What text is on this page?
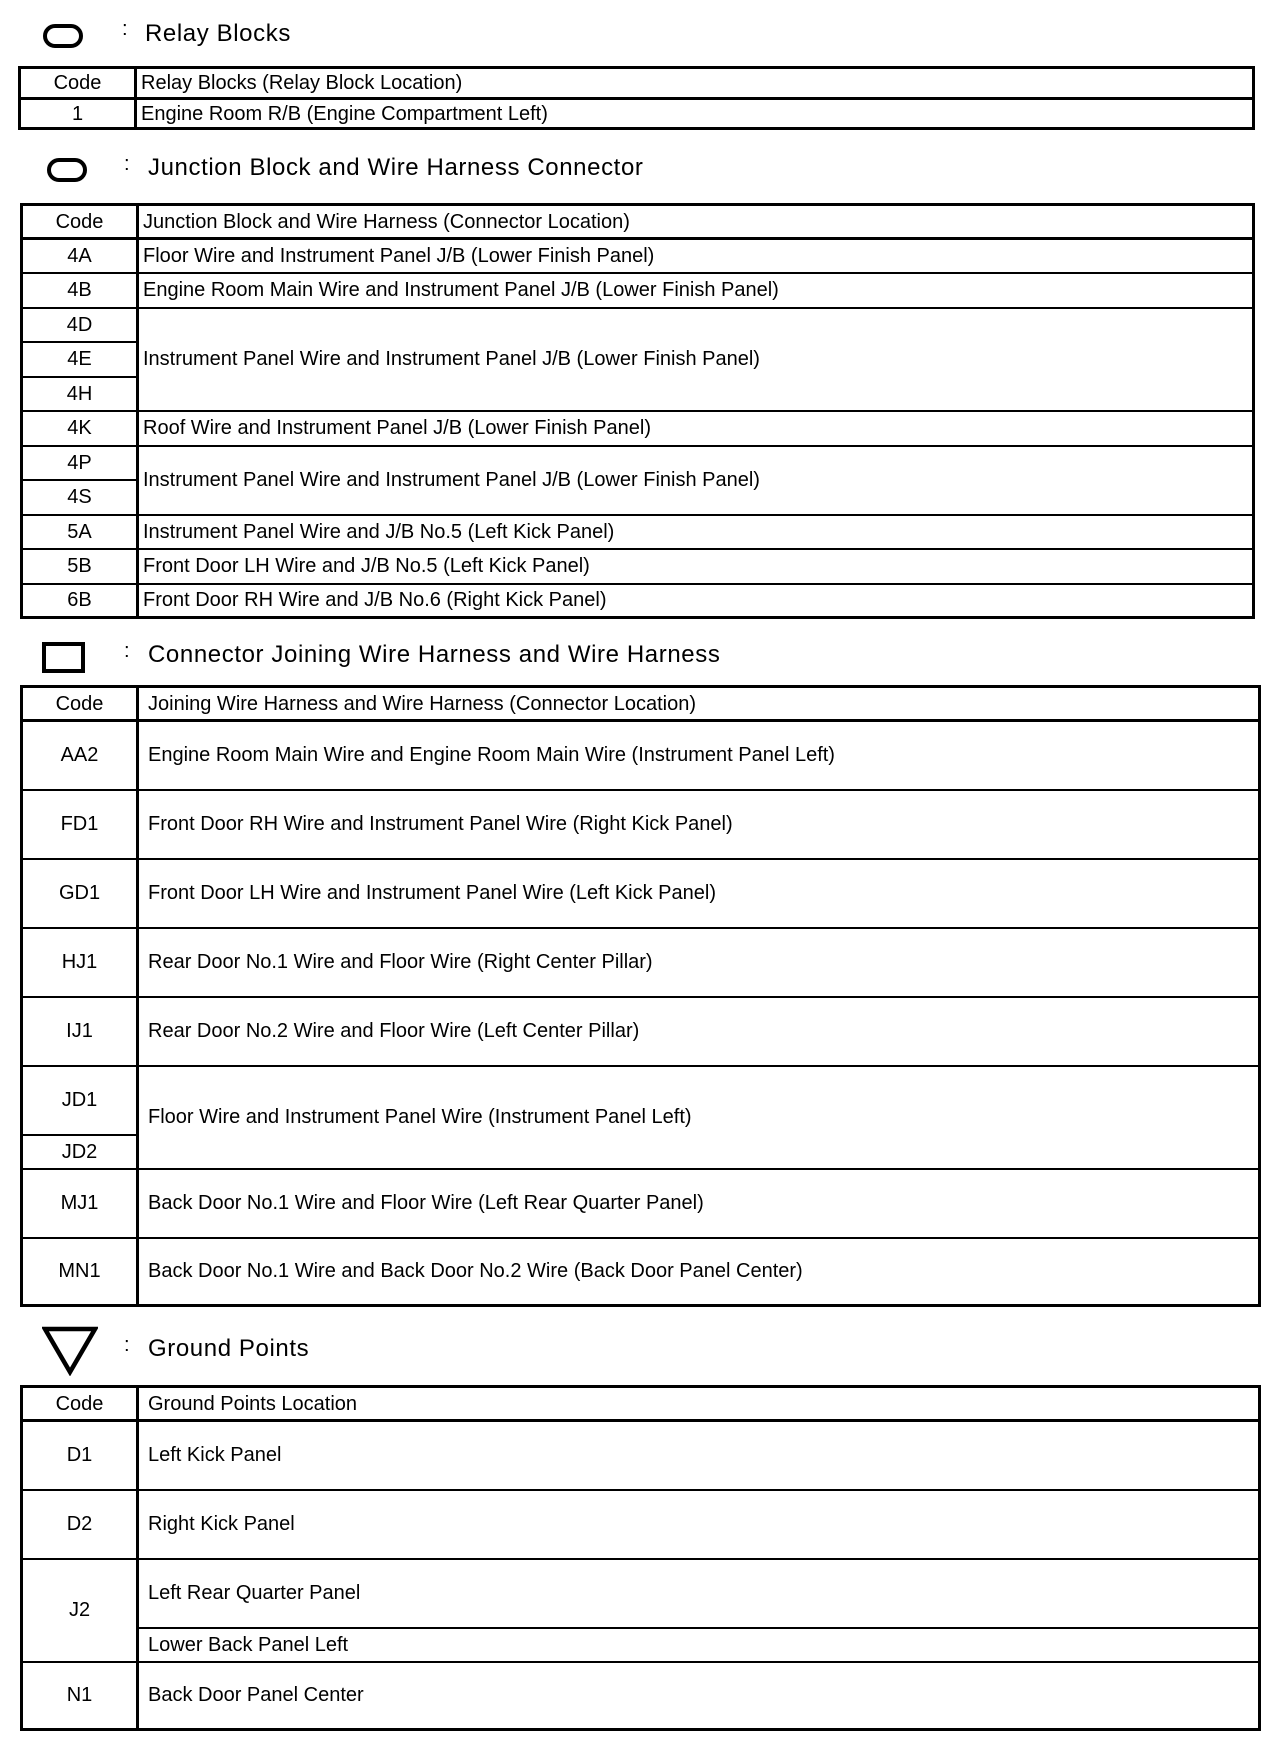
: Relay Blocks
Code	Relay Blocks (Relay Block Location)
1	Engine Room R/B (Engine Compartment Left)
: Junction Block and Wire Harness Connector
Code	Junction Block and Wire Harness (Connector Location)
4A	Floor Wire and Instrument Panel J/B (Lower Finish Panel)
4B	Engine Room Main Wire and Instrument Panel J/B (Lower Finish Panel)
4D	Instrument Panel Wire and Instrument Panel J/B (Lower Finish Panel)
4E	
4H	
4K	Roof Wire and Instrument Panel J/B (Lower Finish Panel)
4P	Instrument Panel Wire and Instrument Panel J/B (Lower Finish Panel)
4S	
5A	Instrument Panel Wire and J/B No.5 (Left Kick Panel)
5B	Front Door LH Wire and J/B No.5 (Left Kick Panel)
6B	Front Door RH Wire and J/B No.6 (Right Kick Panel)
: Connector Joining Wire Harness and Wire Harness
Code	Joining Wire Harness and Wire Harness (Connector Location)
AA2	Engine Room Main Wire and Engine Room Main Wire (Instrument Panel Left)
FD1	Front Door RH Wire and Instrument Panel Wire (Right Kick Panel)
GD1	Front Door LH Wire and Instrument Panel Wire (Left Kick Panel)
HJ1	Rear Door No.1 Wire and Floor Wire (Right Center Pillar)
IJ1	Rear Door No.2 Wire and Floor Wire (Left Center Pillar)
JD1	Floor Wire and Instrument Panel Wire (Instrument Panel Left)
JD2	
MJ1	Back Door No.1 Wire and Floor Wire (Left Rear Quarter Panel)
MN1	Back Door No.1 Wire and Back Door No.2 Wire (Back Door Panel Center)
: Ground Points
Code	Ground Points Location
D1	Left Kick Panel
D2	Right Kick Panel
J2	Left Rear Quarter Panel
	Lower Back Panel Left
N1	Back Door Panel Center
